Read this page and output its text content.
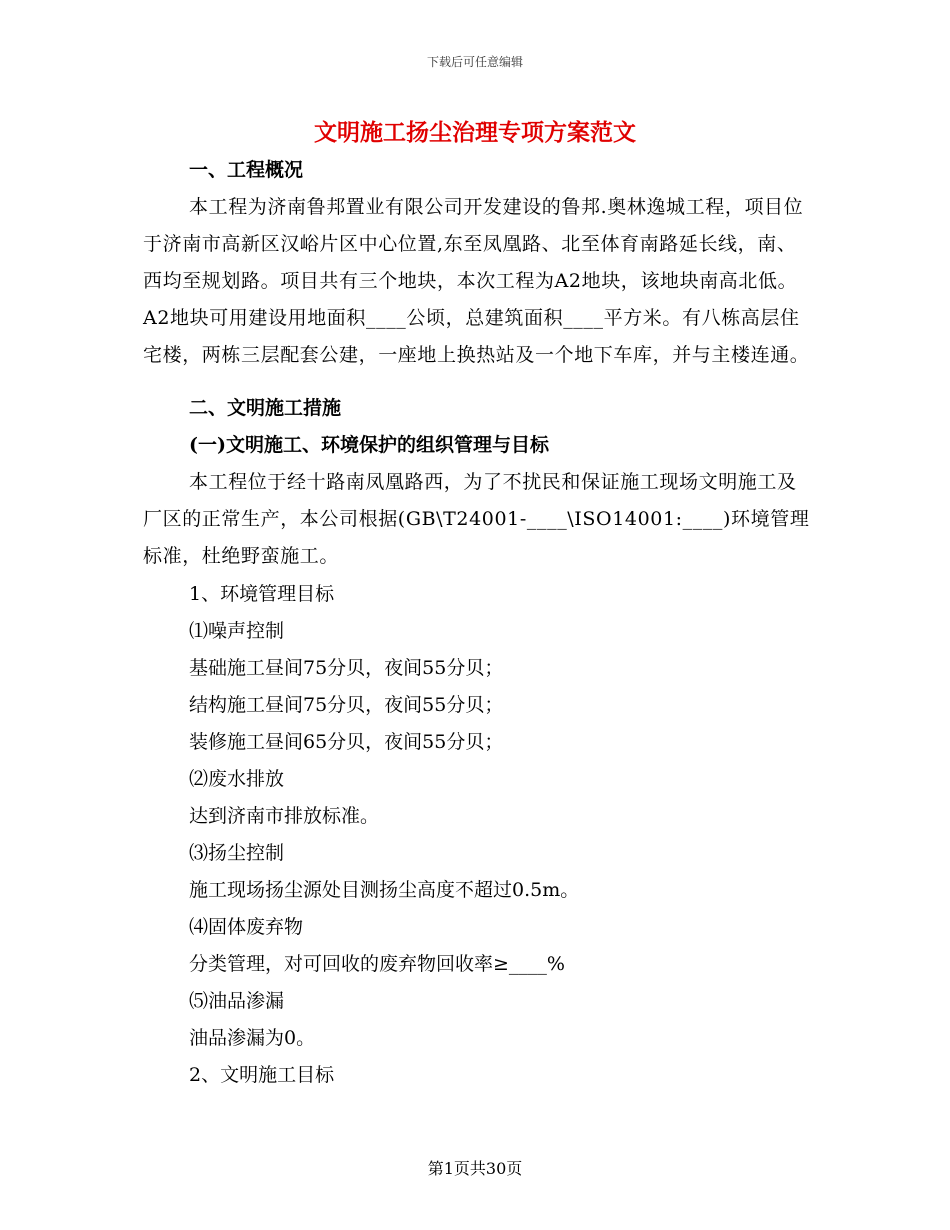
下载后可任意编辑
文明施工扬尘治理专项方案范文

一、工程概况

本工程为济南鲁邦置业有限公司开发建设的鲁邦.奥林逸城工程，项目位于济南市高新区汉峪片区中心位置,东至凤凰路、北至体育南路延长线，南、西均至规划路。项目共有三个地块，本次工程为A2地块，该地块南高北低。A2地块可用建设用地面积____公顷，总建筑面积____平方米。有八栋高层住宅楼，两栋三层配套公建，一座地上换热站及一个地下车库，并与主楼连通。

二、文明施工措施

(一)文明施工、环境保护的组织管理与目标

本工程位于经十路南凤凰路西，为了不扰民和保证施工现场文明施工及厂区的正常生产，本公司根据(GB\T24001-____\ISO14001:____)环境管理标准，杜绝野蛮施工。

1、环境管理目标

⑴噪声控制

基础施工昼间75分贝，夜间55分贝；

结构施工昼间75分贝，夜间55分贝；

装修施工昼间65分贝，夜间55分贝；

⑵废水排放

达到济南市排放标准。

⑶扬尘控制

施工现场扬尘源处目测扬尘高度不超过0.5m。

⑷固体废弃物

分类管理，对可回收的废弃物回收率≥____%

⑸油品渗漏

油品渗漏为0。

2、文明施工目标

第1页共30页
